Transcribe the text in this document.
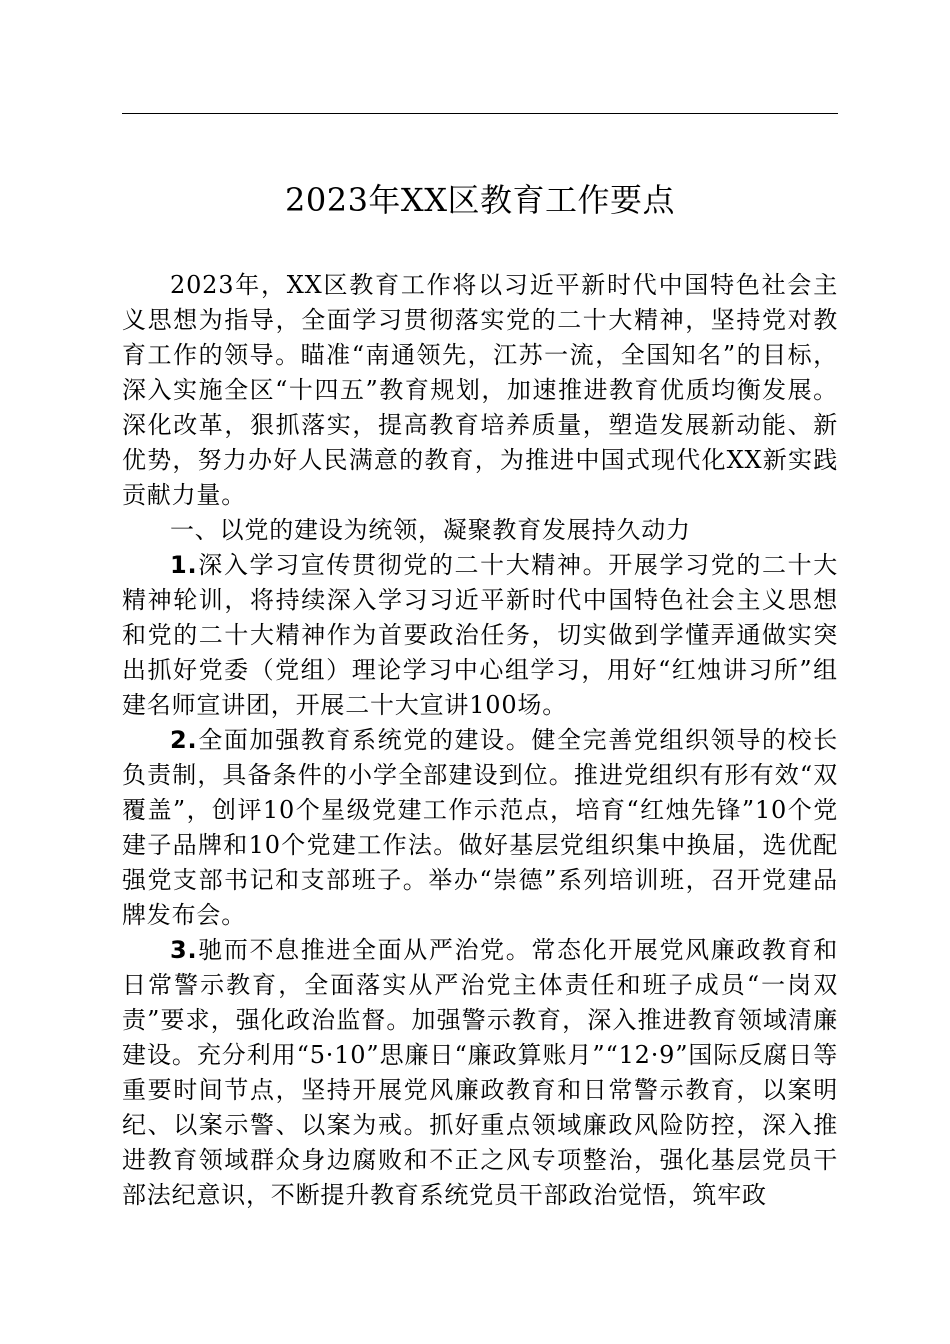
2023年XX区教育工作要点

2023年，XX区教育工作将以习近平新时代中国特色社会主义思想为指导，全面学习贯彻落实党的二十大精神，坚持党对教育工作的领导。瞄准“南通领先，江苏一流，全国知名”的目标，深入实施全区“十四五”教育规划，加速推进教育优质均衡发展。深化改革，狠抓落实，提高教育培养质量，塑造发展新动能、新优势，努力办好人民满意的教育，为推进中国式现代化XX新实践贡献力量。

一、以党的建设为统领，凝聚教育发展持久动力

1.深入学习宣传贯彻党的二十大精神。开展学习党的二十大精神轮训，将持续深入学习习近平新时代中国特色社会主义思想和党的二十大精神作为首要政治任务，切实做到学懂弄通做实突出抓好党委（党组）理论学习中心组学习，用好“红烛讲习所”组建名师宣讲团，开展二十大宣讲100场。

2.全面加强教育系统党的建设。健全完善党组织领导的校长负责制，具备条件的小学全部建设到位。推进党组织有形有效“双覆盖”，创评10个星级党建工作示范点，培育“红烛先锋”10个党建子品牌和10个党建工作法。做好基层党组织集中换届，选优配强党支部书记和支部班子。举办“崇德”系列培训班，召开党建品牌发布会。

3.驰而不息推进全面从严治党。常态化开展党风廉政教育和日常警示教育，全面落实从严治党主体责任和班子成员“一岗双责”要求，强化政治监督。加强警示教育，深入推进教育领域清廉建设。充分利用“5·10”思廉日“廉政算账月”“12·9”国际反腐日等重要时间节点，坚持开展党风廉政教育和日常警示教育，以案明纪、以案示警、以案为戒。抓好重点领域廉政风险防控，深入推进教育领域群众身边腐败和不正之风专项整治，强化基层党员干部法纪意识，不断提升教育系统党员干部政治觉悟，筑牢政
